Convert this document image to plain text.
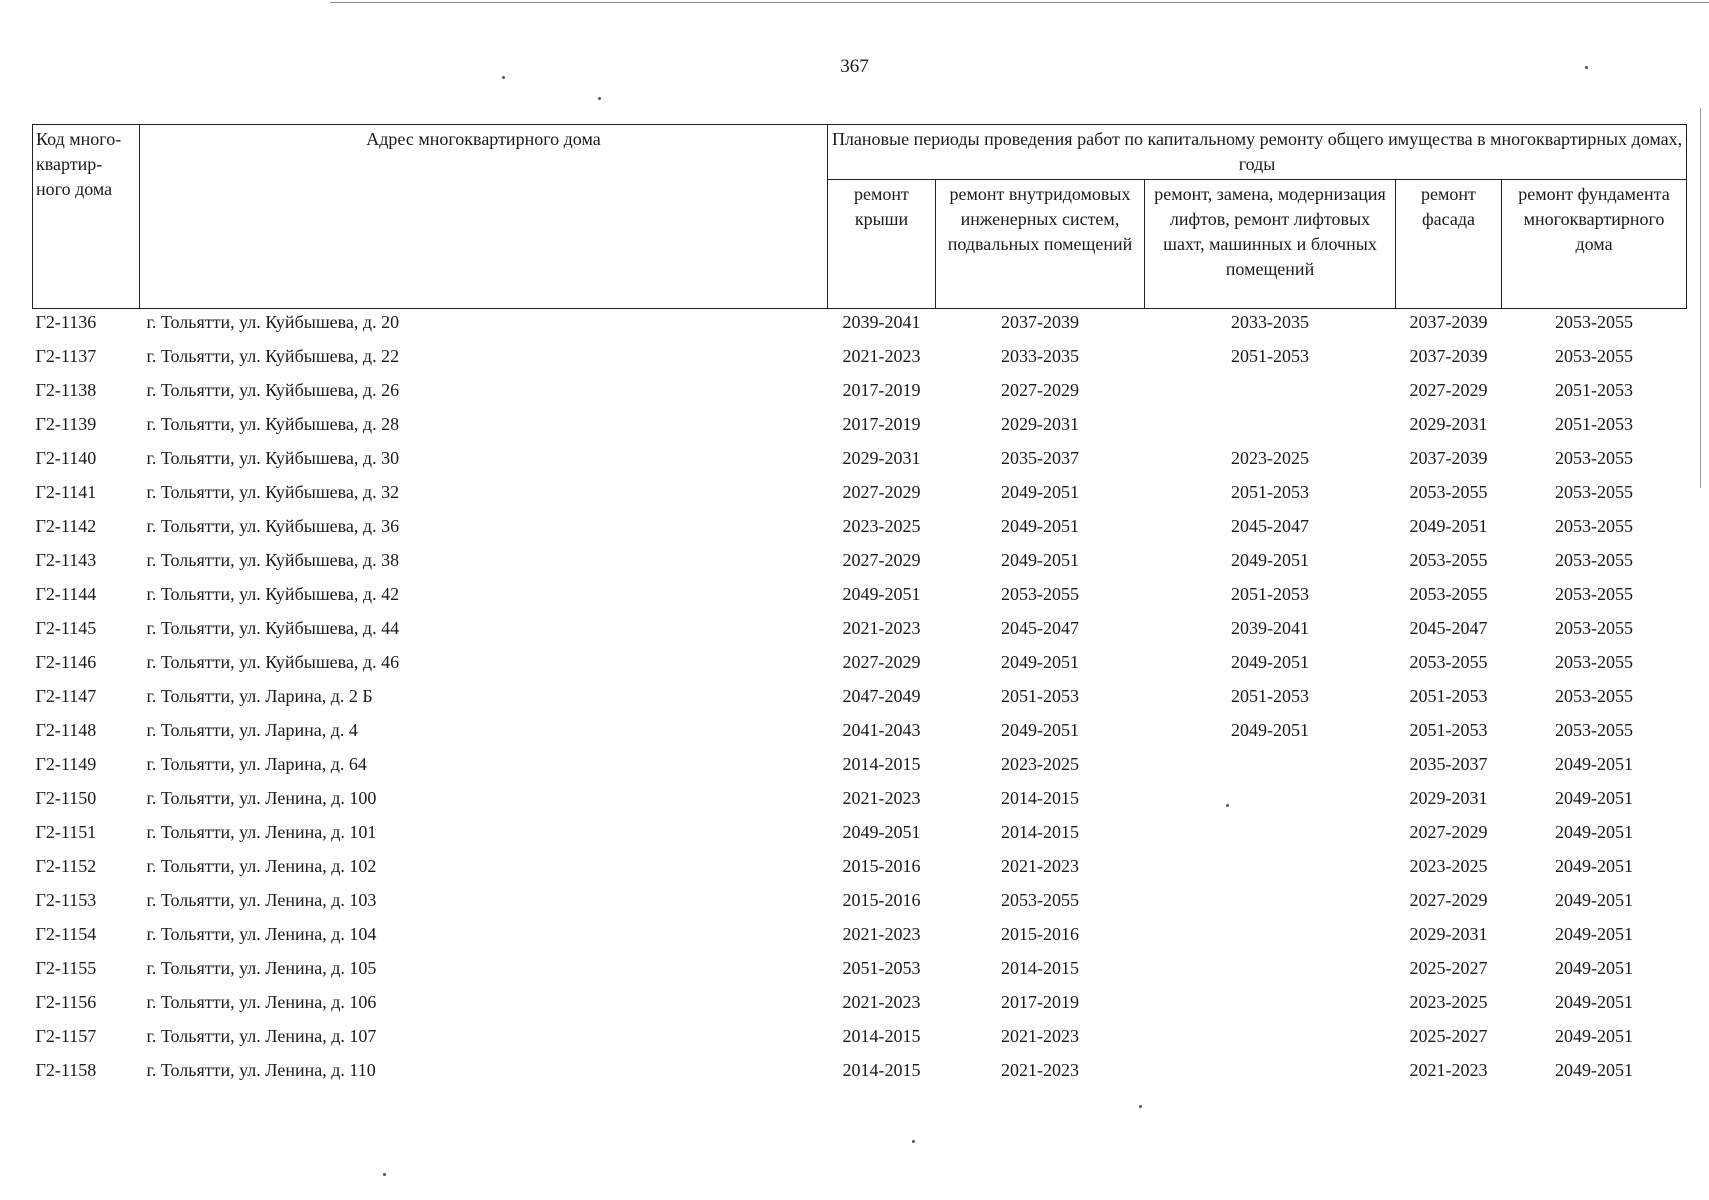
367
Код много-квартир-ного дома	Адрес многоквартирного дома	Плановые периоды проведения работ по капитальному ремонту общего имущества в многоквартирных домах, годы				
		ремонт крыши	ремонт внутридомовых инженерных систем, подвальных помещений	ремонт, замена, модернизация лифтов, ремонт лифтовых шахт, машинных и блочных помещений	ремонт фасада	ремонт фундамента многоквартирного дома
Г2-1136	г. Тольятти, ул. Куйбышева, д. 20	2039-2041	2037-2039	2033-2035	2037-2039	2053-2055
Г2-1137	г. Тольятти, ул. Куйбышева, д. 22	2021-2023	2033-2035	2051-2053	2037-2039	2053-2055
Г2-1138	г. Тольятти, ул. Куйбышева, д. 26	2017-2019	2027-2029		2027-2029	2051-2053
Г2-1139	г. Тольятти, ул. Куйбышева, д. 28	2017-2019	2029-2031		2029-2031	2051-2053
Г2-1140	г. Тольятти, ул. Куйбышева, д. 30	2029-2031	2035-2037	2023-2025	2037-2039	2053-2055
Г2-1141	г. Тольятти, ул. Куйбышева, д. 32	2027-2029	2049-2051	2051-2053	2053-2055	2053-2055
Г2-1142	г. Тольятти, ул. Куйбышева, д. 36	2023-2025	2049-2051	2045-2047	2049-2051	2053-2055
Г2-1143	г. Тольятти, ул. Куйбышева, д. 38	2027-2029	2049-2051	2049-2051	2053-2055	2053-2055
Г2-1144	г. Тольятти, ул. Куйбышева, д. 42	2049-2051	2053-2055	2051-2053	2053-2055	2053-2055
Г2-1145	г. Тольятти, ул. Куйбышева, д. 44	2021-2023	2045-2047	2039-2041	2045-2047	2053-2055
Г2-1146	г. Тольятти, ул. Куйбышева, д. 46	2027-2029	2049-2051	2049-2051	2053-2055	2053-2055
Г2-1147	г. Тольятти, ул. Ларина, д. 2 Б	2047-2049	2051-2053	2051-2053	2051-2053	2053-2055
Г2-1148	г. Тольятти, ул. Ларина, д. 4	2041-2043	2049-2051	2049-2051	2051-2053	2053-2055
Г2-1149	г. Тольятти, ул. Ларина, д. 64	2014-2015	2023-2025		2035-2037	2049-2051
Г2-1150	г. Тольятти, ул. Ленина, д. 100	2021-2023	2014-2015		2029-2031	2049-2051
Г2-1151	г. Тольятти, ул. Ленина, д. 101	2049-2051	2014-2015		2027-2029	2049-2051
Г2-1152	г. Тольятти, ул. Ленина, д. 102	2015-2016	2021-2023		2023-2025	2049-2051
Г2-1153	г. Тольятти, ул. Ленина, д. 103	2015-2016	2053-2055		2027-2029	2049-2051
Г2-1154	г. Тольятти, ул. Ленина, д. 104	2021-2023	2015-2016		2029-2031	2049-2051
Г2-1155	г. Тольятти, ул. Ленина, д. 105	2051-2053	2014-2015		2025-2027	2049-2051
Г2-1156	г. Тольятти, ул. Ленина, д. 106	2021-2023	2017-2019		2023-2025	2049-2051
Г2-1157	г. Тольятти, ул. Ленина, д. 107	2014-2015	2021-2023		2025-2027	2049-2051
Г2-1158	г. Тольятти, ул. Ленина, д. 110	2014-2015	2021-2023		2021-2023	2049-2051
